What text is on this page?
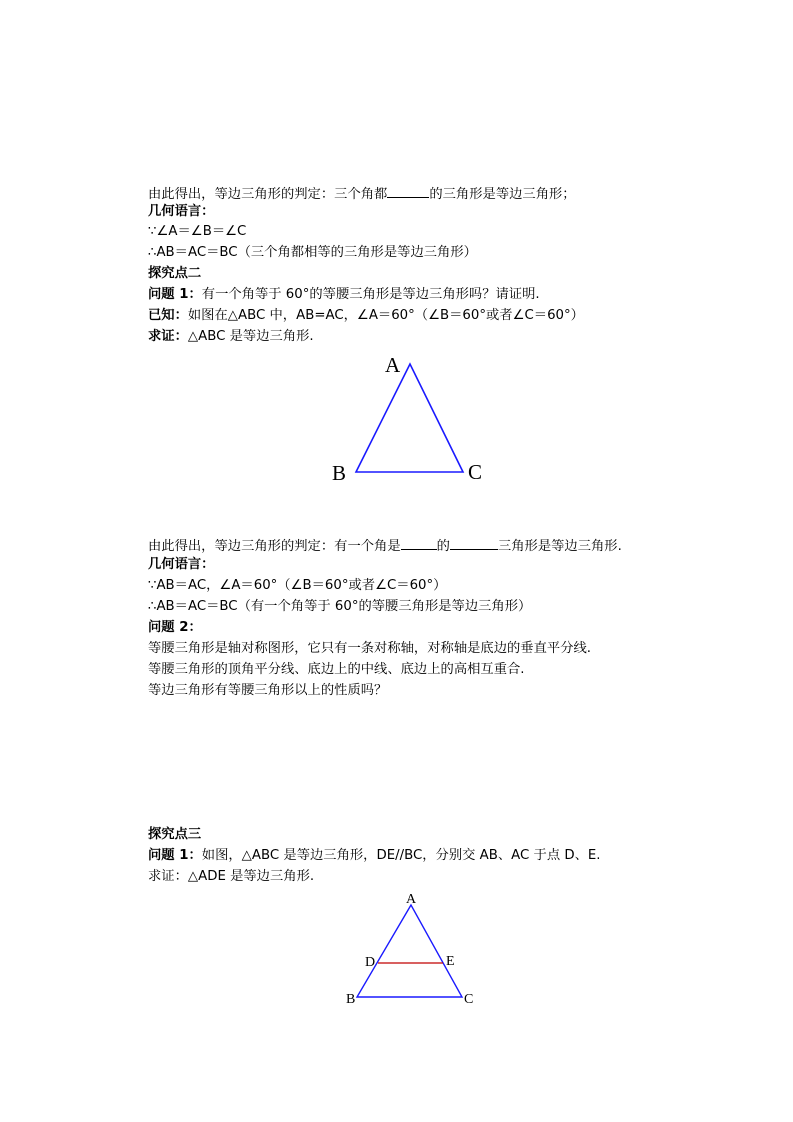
由此得出，等边三角形的判定：三个角都	的三角形是等边三角形；
几何语言：
∵∠A＝∠B＝∠C
∴AB＝AC＝BC（三个角都相等的三角形是等边三角形）
探究点二
问题 1：有一个角等于 60°的等腰三角形是等边三角形吗？请证明.
已知：如图在△ABC 中，AB=AC，∠A＝60°（∠B＝60°或者∠C＝60°）
求证：△ABC 是等边三角形.
A
B	C
由此得出，等边三角形的判定：有一个角是	的	三角形是等边三角形.
几何语言：
∵AB＝AC，∠A＝60°（∠B＝60°或者∠C＝60°）
∴AB＝AC＝BC（有一个角等于 60°的等腰三角形是等边三角形）
问题 2：
等腰三角形是轴对称图形，它只有一条对称轴，对称轴是底边的垂直平分线.
等腰三角形的顶角平分线、底边上的中线、底边上的高相互重合.
等边三角形有等腰三角形以上的性质吗？
探究点三
问题 1：如图，△ABC 是等边三角形，DE//BC，分别交 AB、AC 于点 D、E.
求证：△ADE 是等边三角形.
A
D	E
B	C
